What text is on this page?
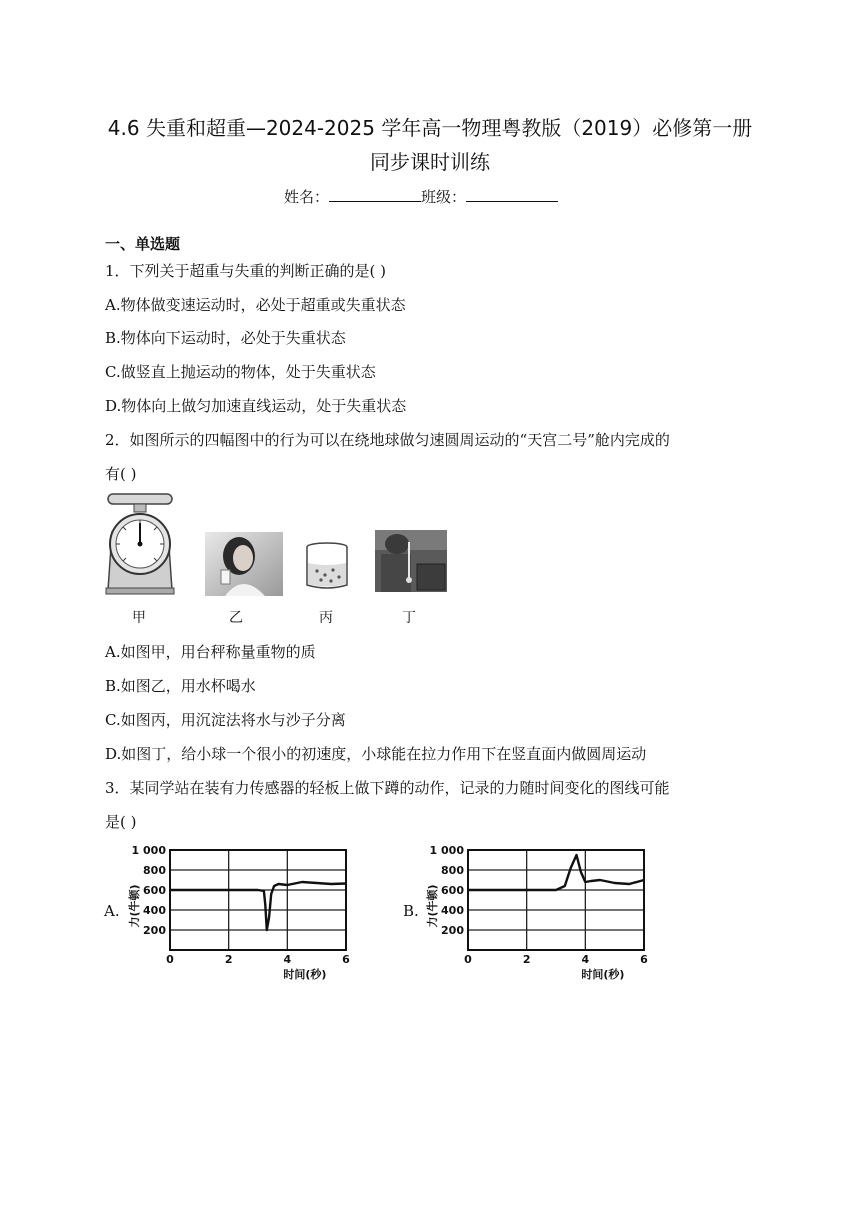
4.6 失重和超重—2024-2025 学年高一物理粤教版（2019）必修第一册
同步课时训练
姓名：	班级：
一、单选题
1．下列关于超重与失重的判断正确的是( )
A.物体做变速运动时，必处于超重或失重状态
B.物体向下运动时，必处于失重状态
C.做竖直上抛运动的物体，处于失重状态
D.物体向上做匀加速直线运动，处于失重状态
2．如图所示的四幅图中的行为可以在绕地球做匀速圆周运动的“天宫二号”舱内完成的
有( )
甲	乙	丙	丁
A.如图甲，用台秤称量重物的质
B.如图乙，用水杯喝水
C.如图丙，用沉淀法将水与沙子分离
D.如图丁，给小球一个很小的初速度，小球能在拉力作用下在竖直面内做圆周运动
3．某同学站在装有力传感器的轻板上做下蹲的动作，记录的力随时间变化的图线可能
是( )
A.	B.
200
400
600
800
1 000
0	2	4	6
时间(秒)
力(牛顿)
200
400
600
800
1 000
0	2	4	6
时间(秒)
力(牛顿)
